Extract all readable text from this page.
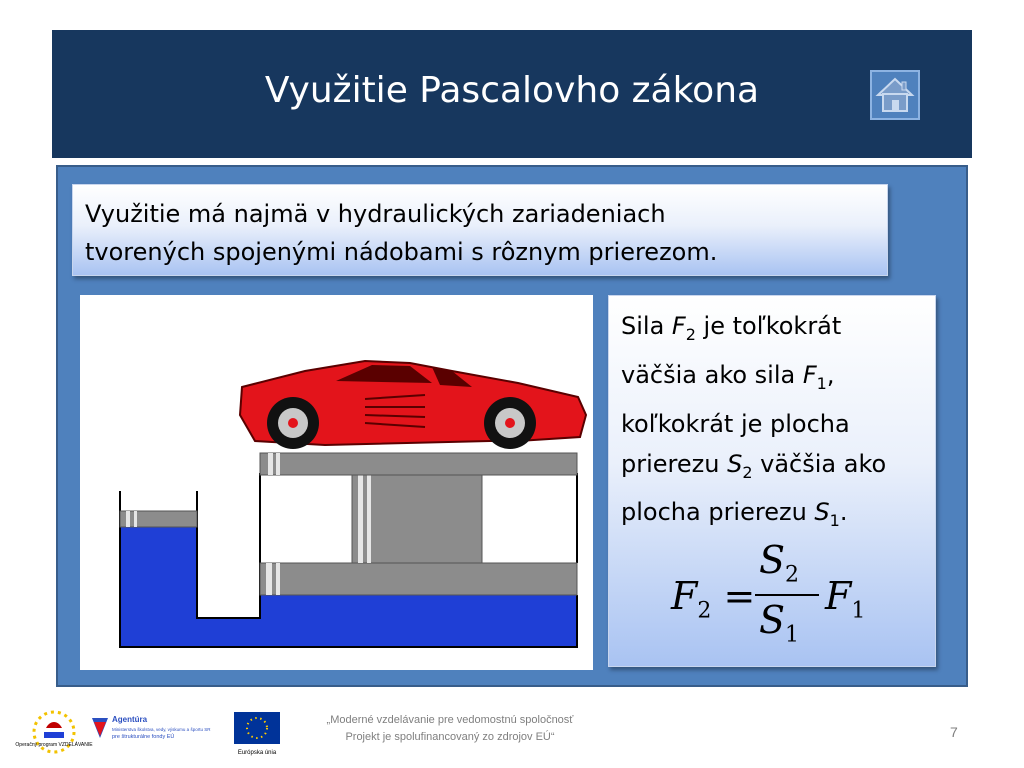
Využitie Pascalovho zákona
Využitie má najmä v hydraulických zariadeniach
tvorených spojenými nádobami s rôznym prierezom.
Sila $F_2$ je toľkokrát
väčšia ako sila $F_1$,
koľkokrát je plocha
prierezu $S_2$ väčšia ako
plocha prierezu $S_1$.
$F_2$ =
$S_2$
$S_1$
$F_1$
Operačný program VZDELÁVANIE
Agentúra
Ministerstva školstva, vedy, výskumu a športu SR
pre štrukturálne fondy EÚ
Európska únia
„Moderné vzdelávanie pre vedomostnú spoločnosť
Projekt je spolufinancovaný zo zdrojov EÚ“	7
